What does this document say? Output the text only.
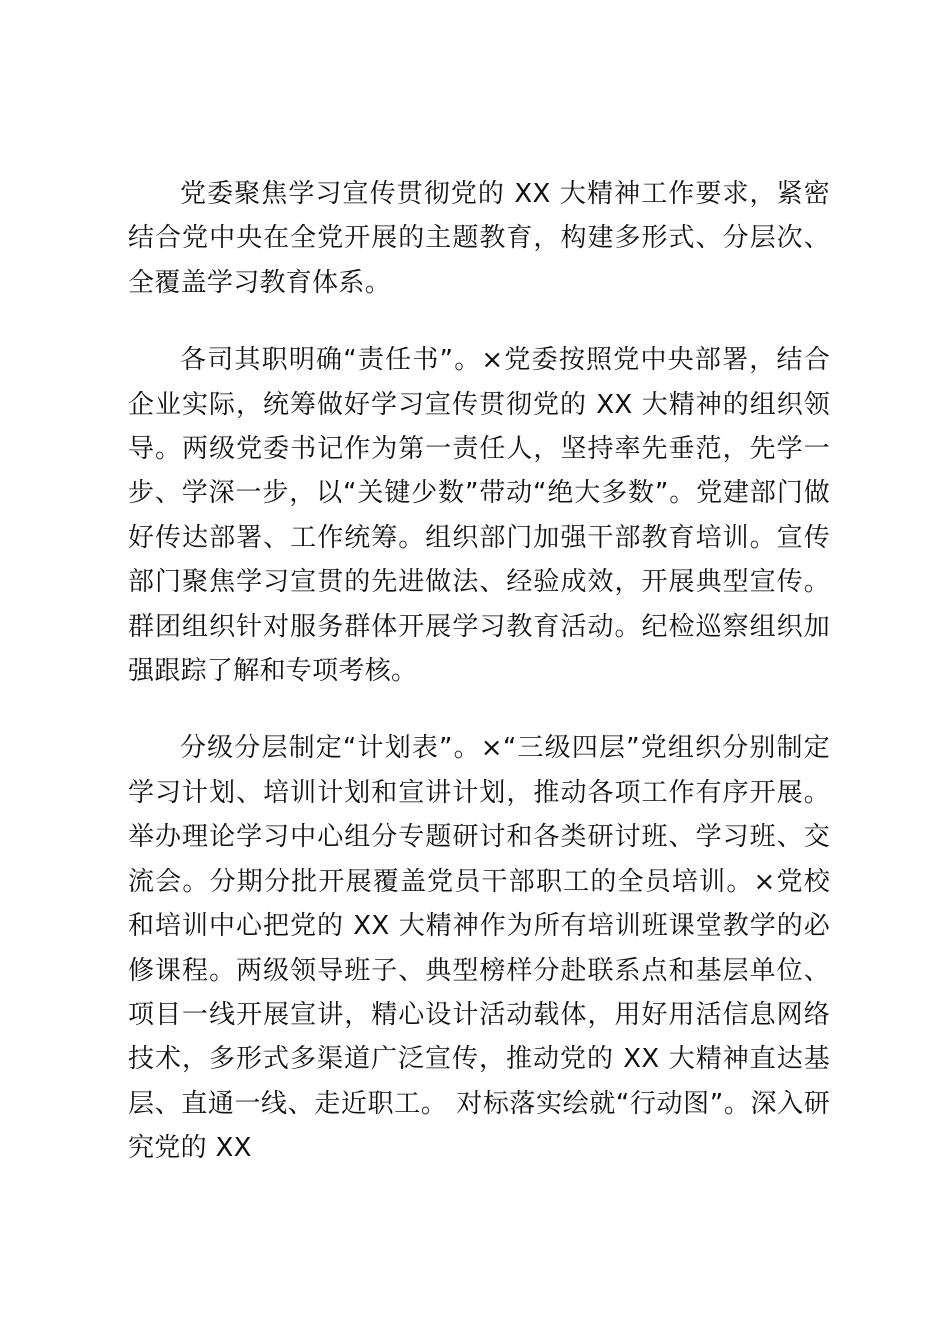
党委聚焦学习宣传贯彻党的 XX 大精神工作要求，紧密结合党中央在全党开展的主题教育，构建多形式、分层次、全覆盖学习教育体系。

各司其职明确“责任书”。×党委按照党中央部署，结合企业实际，统筹做好学习宣传贯彻党的 XX 大精神的组织领导。两级党委书记作为第一责任人，坚持率先垂范，先学一步、学深一步，以“关键少数”带动“绝大多数”。党建部门做好传达部署、工作统筹。组织部门加强干部教育培训。宣传部门聚焦学习宣贯的先进做法、经验成效，开展典型宣传。群团组织针对服务群体开展学习教育活动。纪检巡察组织加强跟踪了解和专项考核。

分级分层制定“计划表”。×“三级四层”党组织分别制定学习计划、培训计划和宣讲计划，推动各项工作有序开展。举办理论学习中心组分专题研讨和各类研讨班、学习班、交流会。分期分批开展覆盖党员干部职工的全员培训。×党校和培训中心把党的 XX 大精神作为所有培训班课堂教学的必修课程。两级领导班子、典型榜样分赴联系点和基层单位、项目一线开展宣讲，精心设计活动载体，用好用活信息网络技术，多形式多渠道广泛宣传，推动党的 XX 大精神直达基层、直通一线、走近职工。 对标落实绘就“行动图”。深入研究党的 XX
